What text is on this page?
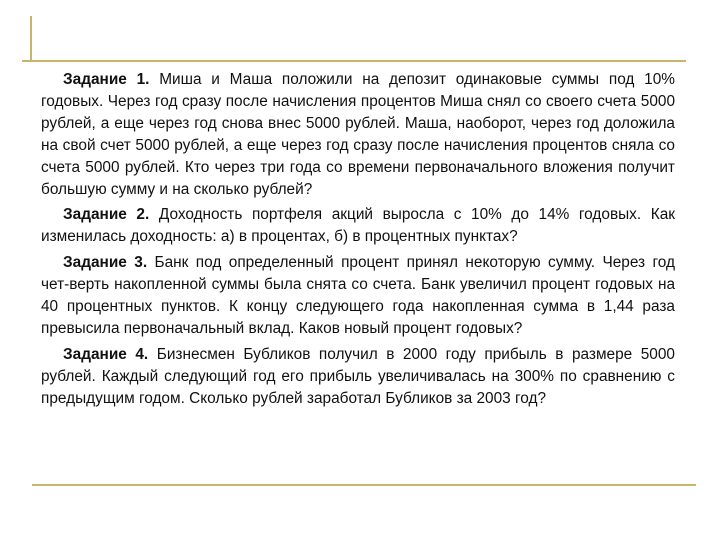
Задание 1. Миша и Маша положили на депозит одинаковые суммы под 10% годовых. Через год сразу после начисления процентов Миша снял со своего счета 5000 рублей, а еще через год снова внес 5000 рублей. Маша, наоборот, через год доложила на свой счет 5000 рублей, а еще через год сразу после начисления процентов сняла со счета 5000 рублей. Кто через три года со времени первоначального вложения получит большую сумму и на сколько рублей?

Задание 2. Доходность портфеля акций выросла с 10% до 14% годовых. Как изменилась доходность: а) в процентах, б) в процентных пунктах?

Задание 3. Банк под определенный процент принял некоторую сумму. Через год чет-верть накопленной суммы была снята со счета. Банк увеличил процент годовых на 40 процентных пунктов. К концу следующего года накопленная сумма в 1,44 раза превысила первоначальный вклад. Каков новый процент годовых?

Задание 4. Бизнесмен Бубликов получил в 2000 году прибыль в размере 5000 рублей. Каждый следующий год его прибыль увеличивалась на 300% по сравнению с предыдущим годом. Сколько рублей заработал Бубликов за 2003 год?
